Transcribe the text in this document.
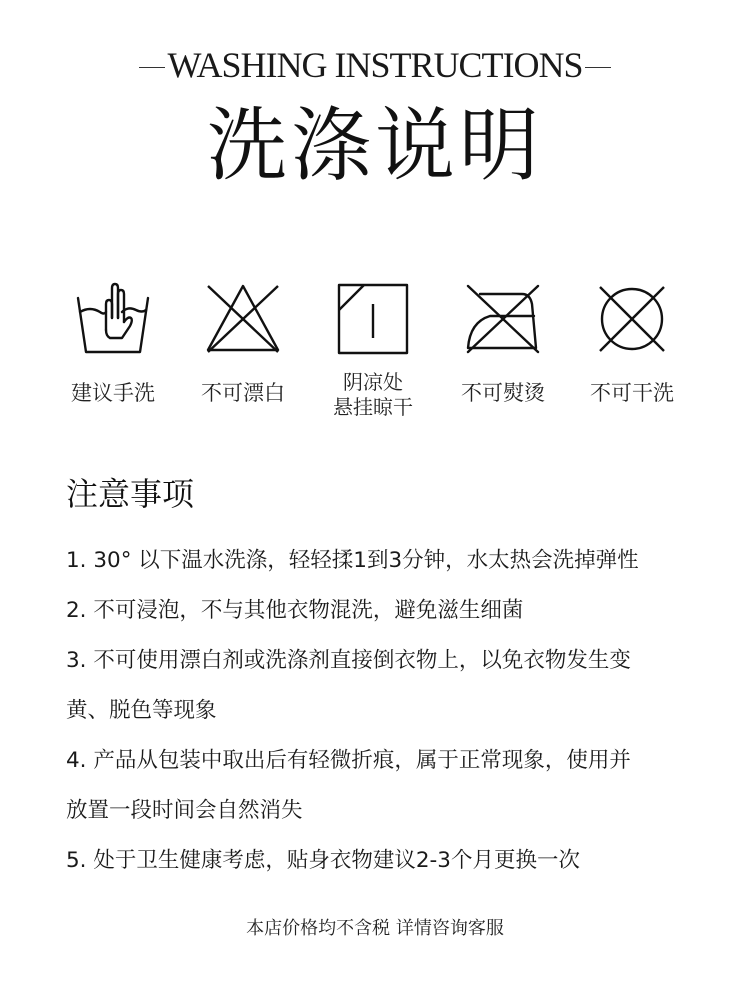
WASHING INSTRUCTIONS
洗涤说明
建议手洗	不可漂白	阴凉处
悬挂晾干
不可熨烫	不可干洗
注意事项
1. 30° 以下温水洗涤，轻轻揉1到3分钟，水太热会洗掉弹性
2. 不可浸泡，不与其他衣物混洗，避免滋生细菌
3. 不可使用漂白剂或洗涤剂直接倒衣物上，以免衣物发生变
黄、脱色等现象
4. 产品从包装中取出后有轻微折痕，属于正常现象，使用并
放置一段时间会自然消失
5. 处于卫生健康考虑，贴身衣物建议2-3个月更换一次
本店价格均不含税 详情咨询客服
